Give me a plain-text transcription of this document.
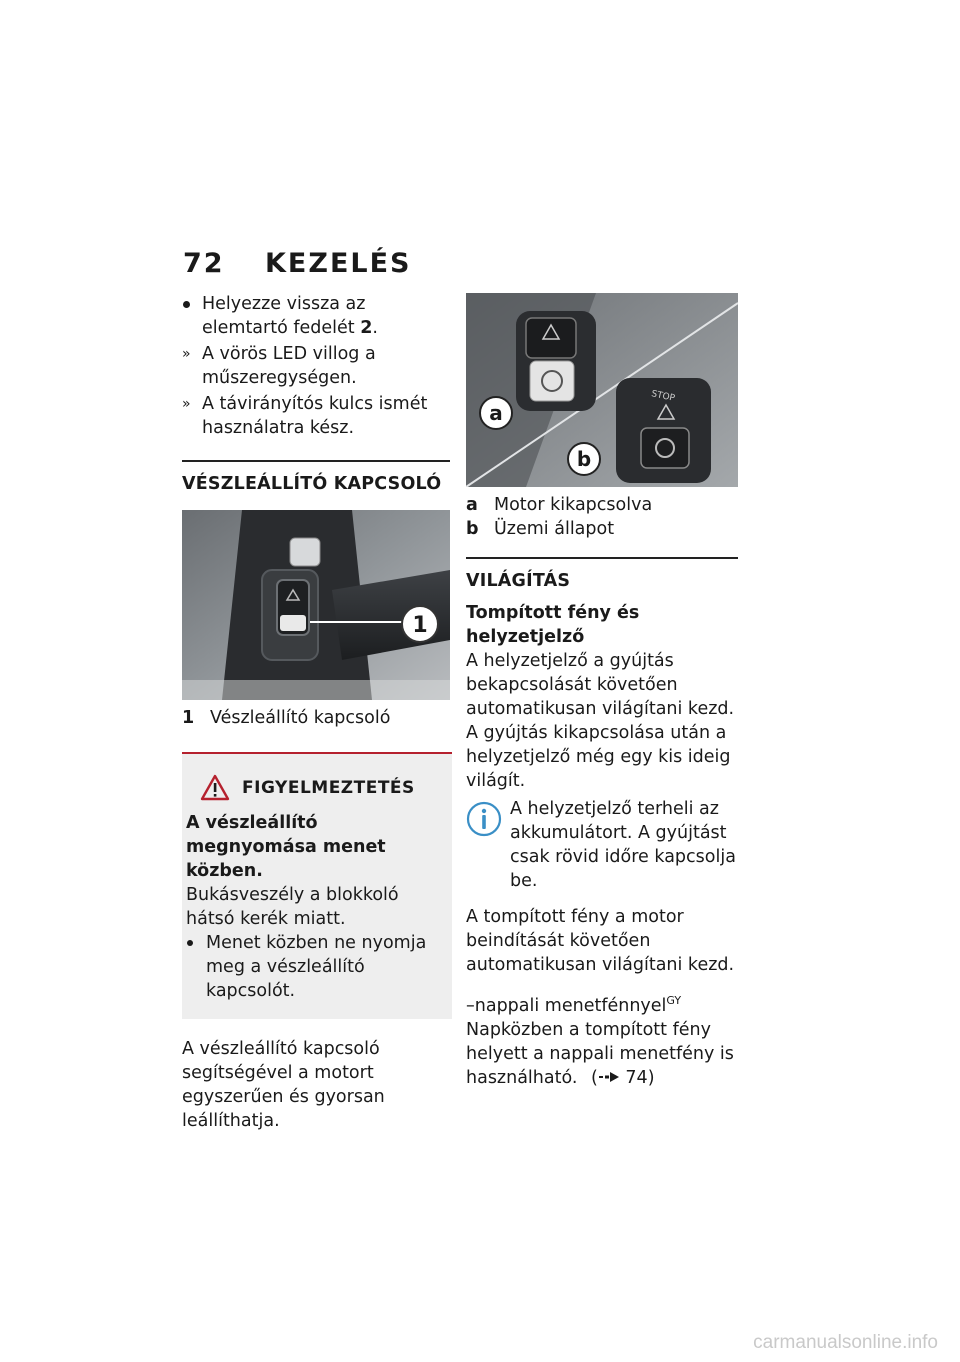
72 KEZELÉS
Helyezze vissza az elemtartó fedelét 2.
» A vörös LED villog a műszeregységen.
» A távirányítós kulcs ismét használatra kész.
VÉSZLEÁLLÍTÓ KAPCSOLÓ
1
1 Vészleállító kapcsoló
FIGYELMEZTETÉS
A vészleállító megnyomása menet közben.
Bukásveszély a blokkoló hátsó kerék miatt.
Menet közben ne nyomja meg a vészleállító kapcsolót.
A vészleállító kapcsoló segítségével a motort egyszerűen és gyorsan leállíthatja.
STOP
a
b
a Motor kikapcsolva
b Üzemi állapot
VILÁGÍTÁS
Tompított fény és helyzetjelző
A helyzetjelző a gyújtás bekapcsolását követően automatikusan világítani kezd.
A gyújtás kikapcsolása után a helyzetjelző még egy kis ideig világít.
A helyzetjelző terheli az akkumulátort. A gyújtást csak rövid időre kapcsolja be.
A tompított fény a motor beindítását követően automatikusan világítani kezd.
–nappali menetfénnyel$^{GY}$
Napközben a tompított fény helyett a nappali menetfény is használható. ( 74)
carmanualsonline.info
